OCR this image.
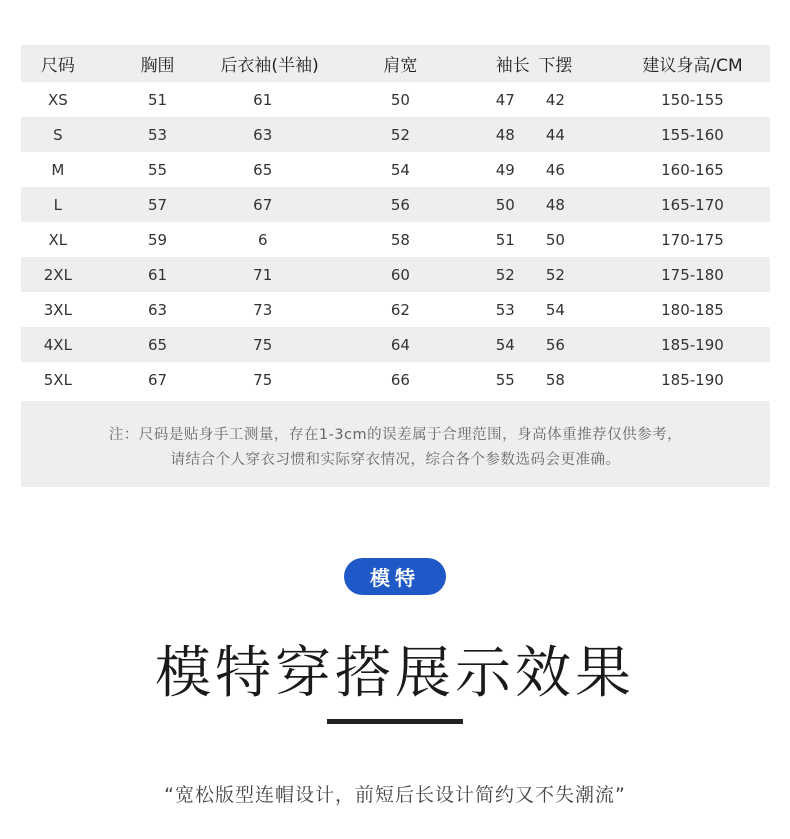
尺码	胸围	后衣袖(半袖)	肩宽	袖长	下摆	建议身高/CM
XS	51	61	50	47	42	150-155
S	53	63	52	48	44	155-160
M	55	65	54	49	46	160-165
L	57	67	56	50	48	165-170
XL	59	6	58	51	50	170-175
2XL	61	71	60	52	52	175-180
3XL	63	73	62	53	54	180-185
4XL	65	75	64	54	56	185-190
5XL	67	75	66	55	58	185-190
注：尺码是贴身手工测量，存在1-3cm的误差属于合理范围，身高体重推荐仅供参考，
请结合个人穿衣习惯和实际穿衣情况，综合各个参数选码会更准确。
模特
模特穿搭展示效果
“宽松版型连帽设计，前短后长设计简约又不失潮流”
